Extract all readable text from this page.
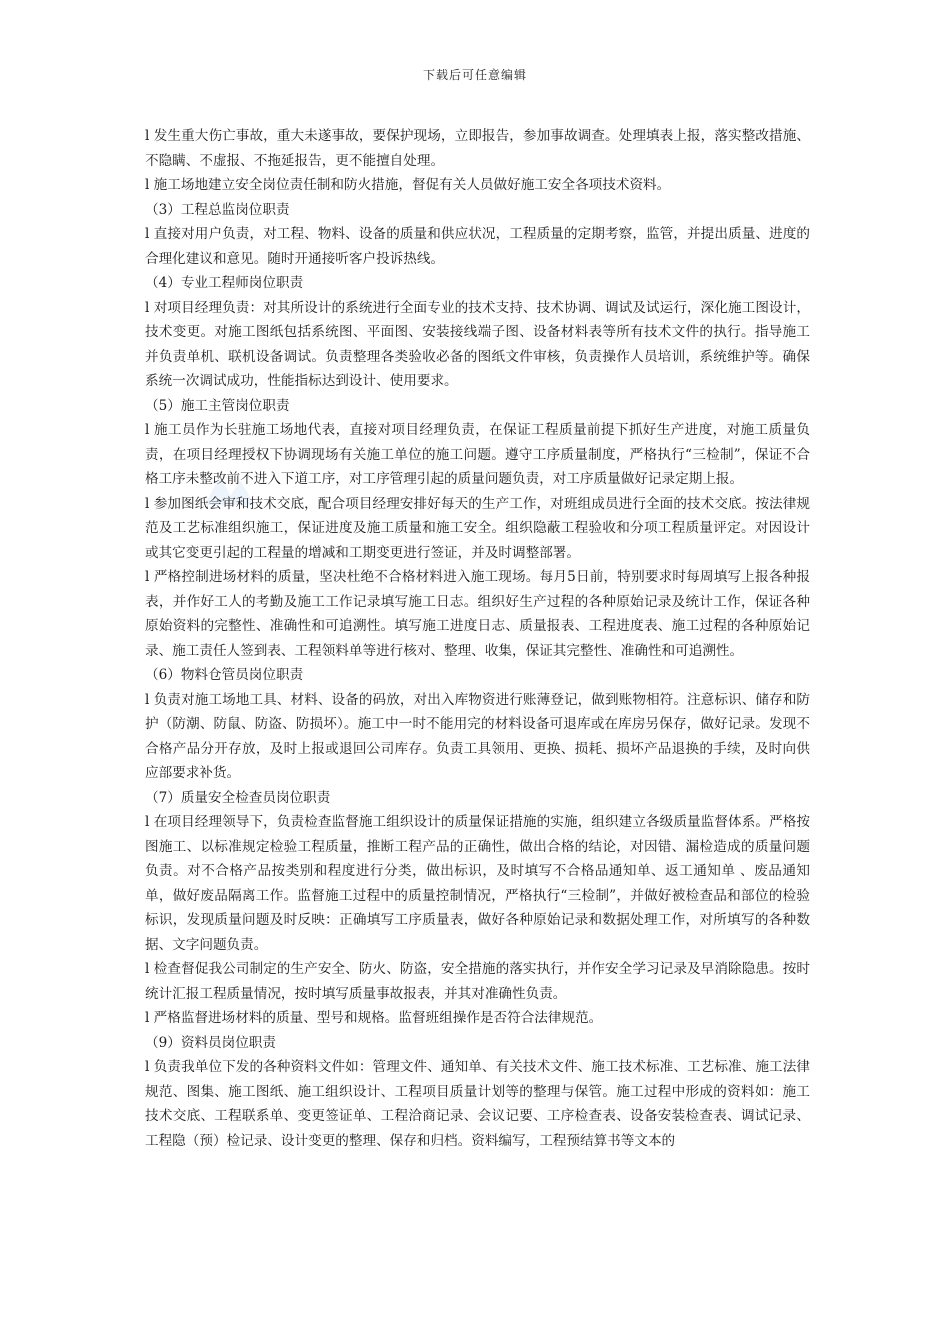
下载后可任意编辑

l 发生重大伤亡事故，重大未遂事故，要保护现场，立即报告，参加事故调查。处理填表上报，落实整改措施、不隐瞒、不虚报、不拖延报告，更不能擅自处理。

l 施工场地建立安全岗位责任制和防火措施，督促有关人员做好施工安全各项技术资料。

（3）工程总监岗位职责

l 直接对用户负责，对工程、物料、设备的质量和供应状况，工程质量的定期考察，监管，并提出质量、进度的合理化建议和意见。随时开通接听客户投诉热线。

（4）专业工程师岗位职责

l 对项目经理负责：对其所设计的系统进行全面专业的技术支持、技术协调、调试及试运行，深化施工图设计，技术变更。对施工图纸包括系统图、平面图、安装接线端子图、设备材料表等所有技术文件的执行。指导施工并负责单机、联机设备调试。负责整理各类验收必备的图纸文件审核，负责操作人员培训，系统维护等。确保系统一次调试成功，性能指标达到设计、使用要求。

（5）施工主管岗位职责

l 施工员作为长驻施工场地代表，直接对项目经理负责，在保证工程质量前提下抓好生产进度，对施工质量负责，在项目经理授权下协调现场有关施工单位的施工问题。遵守工序质量制度，严格执行“三检制”，保证不合格工序未整改前不进入下道工序，对工序管理引起的质量问题负责，对工序质量做好记录定期上报。

l 参加图纸会审和技术交底，配合项目经理安排好每天的生产工作，对班组成员进行全面的技术交底。按法律规范及工艺标准组织施工，保证进度及施工质量和施工安全。组织隐蔽工程验收和分项工程质量评定。对因设计或其它变更引起的工程量的增减和工期变更进行签证，并及时调整部署。

l 严格控制进场材料的质量，坚决杜绝不合格材料进入施工现场。每月5日前，特别要求时每周填写上报各种报表，并作好工人的考勤及施工工作记录填写施工日志。组织好生产过程的各种原始记录及统计工作，保证各种原始资料的完整性、准确性和可追溯性。填写施工进度日志、质量报表、工程进度表、施工过程的各种原始记录、施工责任人签到表、工程领料单等进行核对、整理、收集，保证其完整性、准确性和可追溯性。

（6）物料仓管员岗位职责

l 负责对施工场地工具、材料、设备的码放，对出入库物资进行账薄登记，做到账物相符。注意标识、储存和防护（防潮、防鼠、防盗、防损坏）。施工中一时不能用完的材料设备可退库或在库房另保存，做好记录。发现不合格产品分开存放，及时上报或退回公司库存。负责工具领用、更换、损耗、损坏产品退换的手续，及时向供应部要求补货。

（7）质量安全检查员岗位职责

l 在项目经理领导下，负责检查监督施工组织设计的质量保证措施的实施，组织建立各级质量监督体系。严格按图施工、以标准规定检验工程质量，推断工程产品的正确性，做出合格的结论，对因错、漏检造成的质量问题负责。对不合格产品按类别和程度进行分类，做出标识，及时填写不合格品通知单、返工通知单 、废品通知单，做好废品隔离工作。监督施工过程中的质量控制情况，严格执行“三检制”，并做好被检查品和部位的检验标识，发现质量问题及时反映：正确填写工序质量表，做好各种原始记录和数据处理工作，对所填写的各种数据、文字问题负责。

l 检查督促我公司制定的生产安全、防火、防盗，安全措施的落实执行，并作安全学习记录及早消除隐患。按时统计汇报工程质量情况，按时填写质量事故报表，并其对准确性负责。

l 严格监督进场材料的质量、型号和规格。监督班组操作是否符合法律规范。

（9）资料员岗位职责

l 负责我单位下发的各种资料文件如：管理文件、通知单、有关技术文件、施工技术标准、工艺标准、施工法律规范、图集、施工图纸、施工组织设计、工程项目质量计划等的整理与保管。施工过程中形成的资料如：施工技术交底、工程联系单、变更签证单、工程洽商记录、会议记要、工序检查表、设备安装检查表、调试记录、工程隐（预）检记录、设计变更的整理、保存和归档。资料编写，工程预结算书等文本的
